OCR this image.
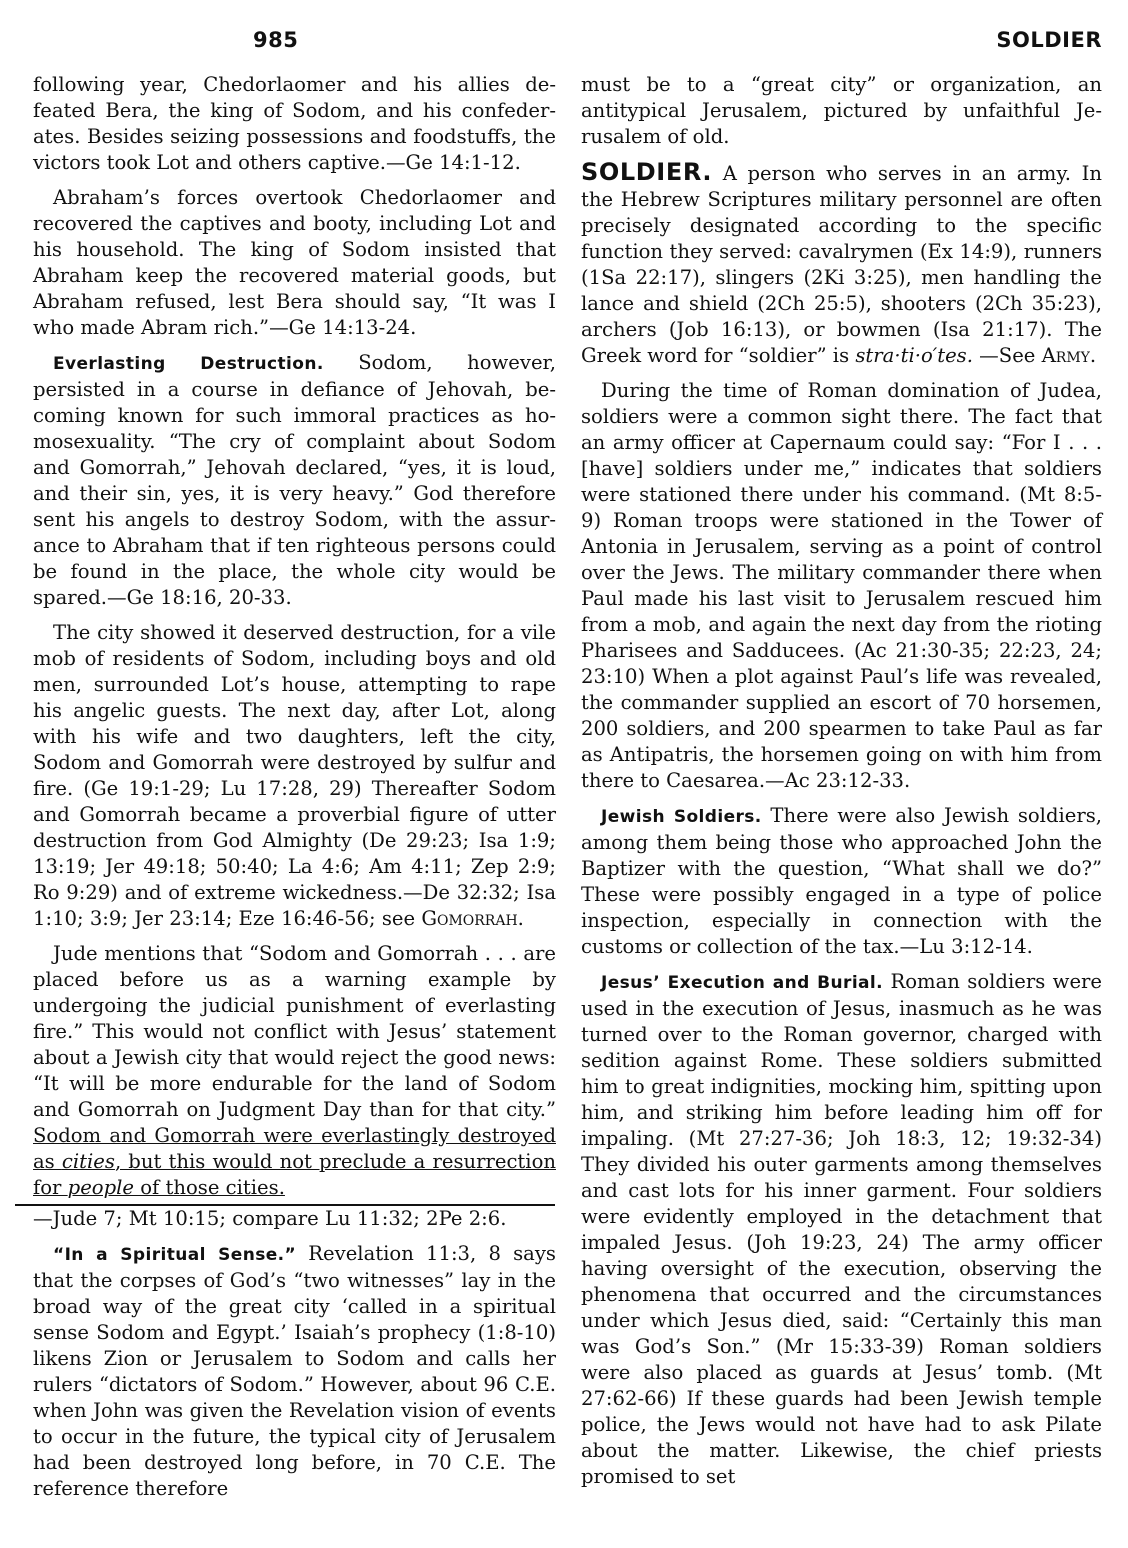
985	SOLDIER

following year, Chedorlaomer and his allies defeated Bera, the king of Sodom, and his confederates. Besides seizing possessions and foodstuffs, the victors took Lot and others captive.—Ge 14:1-12.

Abraham’s forces overtook Chedorlaomer and recovered the captives and booty, including Lot and his household. The king of Sodom insisted that Abraham keep the recovered material goods, but Abraham refused, lest Bera should say, “It was I who made Abram rich.”—Ge 14:13-24.

Everlasting Destruction. Sodom, however, persisted in a course in defiance of Jehovah, becoming known for such immoral practices as homosexuality. “The cry of complaint about Sodom and Gomorrah,” Jehovah declared, “yes, it is loud, and their sin, yes, it is very heavy.” God therefore sent his angels to destroy Sodom, with the assurance to Abraham that if ten righteous persons could be found in the place, the whole city would be spared.—Ge 18:16, 20-33.

The city showed it deserved destruction, for a vile mob of residents of Sodom, including boys and old men, surrounded Lot’s house, attempting to rape his angelic guests. The next day, after Lot, along with his wife and two daughters, left the city, Sodom and Gomorrah were destroyed by sulfur and fire. (Ge 19:1-29; Lu 17:28, 29) Thereafter Sodom and Gomorrah became a proverbial figure of utter destruction from God Almighty (De 29:23; Isa 1:9; 13:19; Jer 49:18; 50:40; La 4:6; Am 4:11; Zep 2:9; Ro 9:29) and of extreme wickedness.—De 32:32; Isa 1:10; 3:9; Jer 23:14; Eze 16:46-56; see Gomorrah.

Jude mentions that “Sodom and Gomorrah . . . are placed before us as a warning example by undergoing the judicial punishment of everlasting fire.” This would not conflict with Jesus’ statement about a Jewish city that would reject the good news: “It will be more endurable for the land of Sodom and Gomorrah on Judgment Day than for that city.” Sodom and Gomorrah were everlastingly destroyed as cities, but this would not preclude a resurrection for people of those cities.
—Jude 7; Mt 10:15; compare Lu 11:32; 2Pe 2:6.

“In a Spiritual Sense.” Revelation 11:3, 8 says that the corpses of God’s “two witnesses” lay in the broad way of the great city ‘called in a spiritual sense Sodom and Egypt.’ Isaiah’s prophecy (1:8-10) likens Zion or Jerusalem to Sodom and calls her rulers “dictators of Sodom.” However, about 96 C.E. when John was given the Revelation vision of events to occur in the future, the typical city of Jerusalem had been destroyed long before, in 70 C.E. The reference therefore

must be to a “great city” or organization, an antitypical Jerusalem, pictured by unfaithful Jerusalem of old.

SOLDIER. A person who serves in an army. In the Hebrew Scriptures military personnel are often precisely designated according to the specific function they served: cavalrymen (Ex 14:9), runners (1Sa 22:17), slingers (2Ki 3:25), men handling the lance and shield (2Ch 25:5), shooters (2Ch 35:23), archers (Job 16:13), or bowmen (Isa 21:17). The Greek word for “soldier” is stra·ti·o′tes. —See Army.

During the time of Roman domination of Judea, soldiers were a common sight there. The fact that an army officer at Capernaum could say: “For I . . . [have] soldiers under me,” indicates that soldiers were stationed there under his command. (Mt 8:5-9) Roman troops were stationed in the Tower of Antonia in Jerusalem, serving as a point of control over the Jews. The military commander there when Paul made his last visit to Jerusalem rescued him from a mob, and again the next day from the rioting Pharisees and Sadducees. (Ac 21:30-35; 22:23, 24; 23:10) When a plot against Paul’s life was revealed, the commander supplied an escort of 70 horsemen, 200 soldiers, and 200 spearmen to take Paul as far as Antipatris, the horsemen going on with him from there to Caesarea.—Ac 23:12-33.

Jewish Soldiers. There were also Jewish soldiers, among them being those who approached John the Baptizer with the question, “What shall we do?” These were possibly engaged in a type of police inspection, especially in connection with the customs or collection of the tax.—Lu 3:12-14.

Jesus’ Execution and Burial. Roman soldiers were used in the execution of Jesus, inasmuch as he was turned over to the Roman governor, charged with sedition against Rome. These soldiers submitted him to great indignities, mocking him, spitting upon him, and striking him before leading him off for impaling. (Mt 27:27-36; Joh 18:3, 12; 19:32-34) They divided his outer garments among themselves and cast lots for his inner garment. Four soldiers were evidently employed in the detachment that impaled Jesus. (Joh 19:23, 24) The army officer having oversight of the execution, observing the phenomena that occurred and the circumstances under which Jesus died, said: “Certainly this man was God’s Son.” (Mr 15:33-39) Roman soldiers were also placed as guards at Jesus’ tomb. (Mt 27:62-66) If these guards had been Jewish temple police, the Jews would not have had to ask Pilate about the matter. Likewise, the chief priests promised to set
